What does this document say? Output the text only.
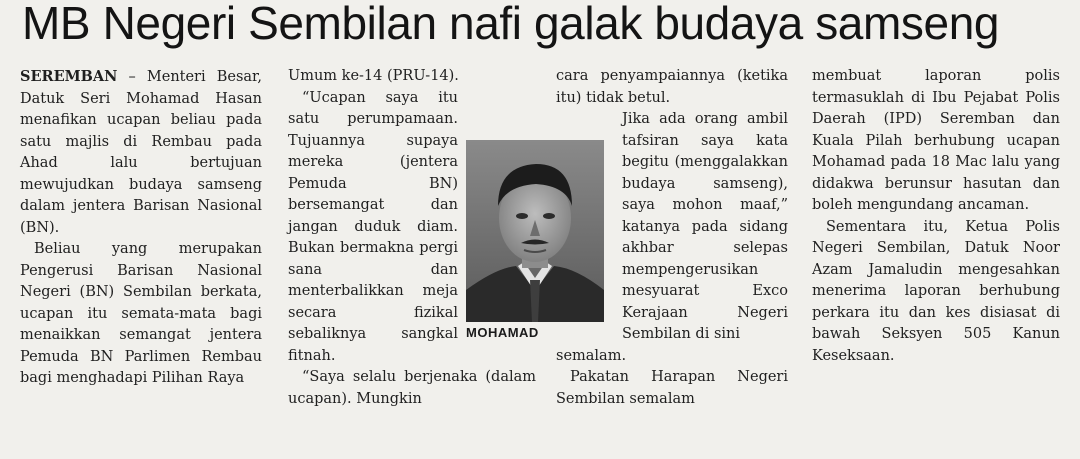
MB Negeri Sembilan nafi galak budaya samseng

SEREMBAN – Menteri Besar, Datuk Seri Mohamad Hasan menafikan ucapan beliau pada satu majlis di Rembau pada Ahad lalu bertujuan mewujudkan budaya samseng dalam jentera Barisan Nasional (BN).

Beliau yang merupakan Pengerusi Barisan Nasional Negeri (BN) Sembilan berkata, ucapan itu semata-mata bagi menaikkan semangat jentera Pemuda BN Parlimen Rembau bagi menghadapi Pilihan Raya

Umum ke-14 (PRU-14).

“Ucapan saya itu satu perumpamaan. Tujuannya supaya mereka (jentera Pemuda BN) bersemangat dan jangan duduk diam. Bukan bermakna pergi sana dan menterbalikkan meja secara fizikal sebaliknya sangkal fitnah.

“Saya selalu berjenaka (dalam ucapan). Mungkin

cara penyampaiannya (ketika itu) tidak betul.

Jika ada orang ambil tafsiran saya kata begitu (menggalakkan budaya samseng), saya mohon maaf,” katanya pada sidang akhbar selepas mempengerusikan mesyuarat Exco Kerajaan Negeri Sembilan di sini

semalam.

Pakatan Harapan Negeri Sembilan semalam

membuat laporan polis termasuklah di Ibu Pejabat Polis Daerah (IPD) Seremban dan Kuala Pilah berhubung ucapan Mohamad pada 18 Mac lalu yang didakwa berunsur hasutan dan boleh mengundang ancaman.

Sementara itu, Ketua Polis Negeri Sembilan, Datuk Noor Azam Jamaludin mengesahkan menerima laporan berhubung perkara itu dan kes disiasat di bawah Seksyen 505 Kanun Keseksaan.

MOHAMAD
